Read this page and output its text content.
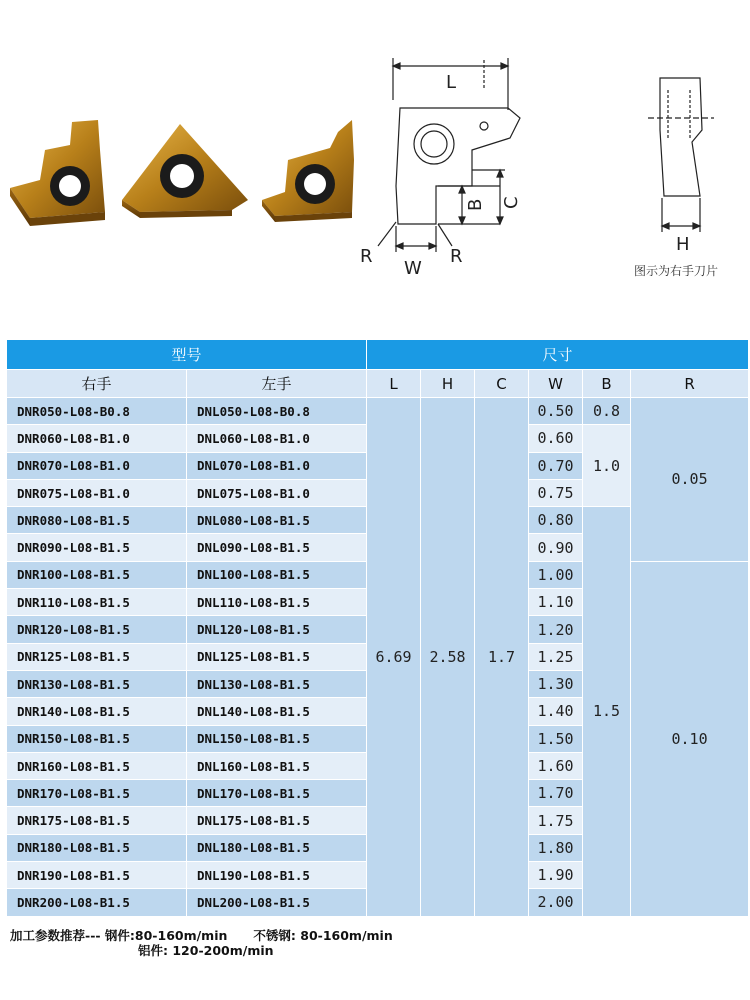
L
B C
R
W
R
H
图示为右手刀片
型号		尺寸					
右手	左手	L	H	C	W	B	R
DNR050-L08-B0.8	DNL050-L08-B0.8	6.69	2.58	1.7	0.50	0.8	0.05
DNR060-L08-B1.0	DNL060-L08-B1.0				0.60	1.0	
DNR070-L08-B1.0	DNL070-L08-B1.0				0.70		
DNR075-L08-B1.0	DNL075-L08-B1.0				0.75		
DNR080-L08-B1.5	DNL080-L08-B1.5				0.80	1.5	
DNR090-L08-B1.5	DNL090-L08-B1.5				0.90		
DNR100-L08-B1.5	DNL100-L08-B1.5				1.00		0.10
DNR110-L08-B1.5	DNL110-L08-B1.5				1.10		
DNR120-L08-B1.5	DNL120-L08-B1.5				1.20		
DNR125-L08-B1.5	DNL125-L08-B1.5				1.25		
DNR130-L08-B1.5	DNL130-L08-B1.5				1.30		
DNR140-L08-B1.5	DNL140-L08-B1.5				1.40		
DNR150-L08-B1.5	DNL150-L08-B1.5				1.50		
DNR160-L08-B1.5	DNL160-L08-B1.5				1.60		
DNR170-L08-B1.5	DNL170-L08-B1.5				1.70		
DNR175-L08-B1.5	DNL175-L08-B1.5				1.75		
DNR180-L08-B1.5	DNL180-L08-B1.5				1.80		
DNR190-L08-B1.5	DNL190-L08-B1.5				1.90		
DNR200-L08-B1.5	DNL200-L08-B1.5				2.00		
加工参数推荐--- 钢件:80-160m/min 不锈钢: 80-160m/min
铝件: 120-200m/min
